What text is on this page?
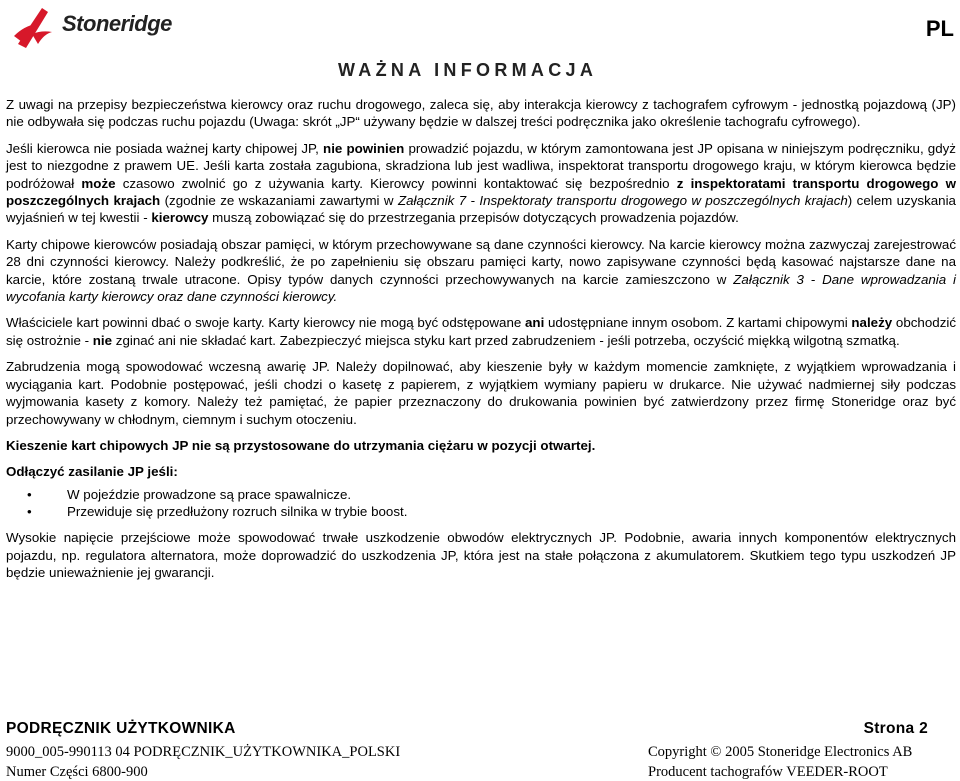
Stoneridge	PL
WAŻNA INFORMACJA

Z uwagi na przepisy bezpieczeństwa kierowcy oraz ruchu drogowego, zaleca się, aby interakcja kierowcy z tachografem cyfrowym - jednostką pojazdową (JP) nie odbywała się podczas ruchu pojazdu (Uwaga: skrót „JP“ używany będzie w dalszej treści podręcznika jako określenie tachografu cyfrowego).

Jeśli kierowca nie posiada ważnej karty chipowej JP, nie powinien prowadzić pojazdu, w którym zamontowana jest JP opisana w niniejszym podręczniku, gdyż jest to niezgodne z prawem UE. Jeśli karta została zagubiona, skradziona lub jest wadliwa, inspektorat transportu drogowego kraju, w którym kierowca będzie podróżował może czasowo zwolnić go z używania karty. Kierowcy powinni kontaktować się bezpośrednio z inspektoratami transportu drogowego w poszczególnych krajach (zgodnie ze wskazaniami zawartymi w Załącznik 7 - Inspektoraty transportu drogowego w poszczególnych krajach) celem uzyskania wyjaśnień w tej kwestii - kierowcy muszą zobowiązać się do przestrzegania przepisów dotyczących prowadzenia pojazdów.

Karty chipowe kierowców posiadają obszar pamięci, w którym przechowywane są dane czynności kierowcy. Na karcie kierowcy można zazwyczaj zarejestrować 28 dni czynności kierowcy. Należy podkreślić, że po zapełnieniu się obszaru pamięci karty, nowo zapisywane czynności będą kasować najstarsze dane na karcie, które zostaną trwale utracone. Opisy typów danych czynności przechowywanych na karcie zamieszczono w Załącznik 3 - Dane wprowadzania i wycofania karty kierowcy oraz dane czynności kierowcy.

Właściciele kart powinni dbać o swoje karty. Karty kierowcy nie mogą być odstępowane ani udostępniane innym osobom. Z kartami chipowymi należy obchodzić się ostrożnie - nie zginać ani nie składać kart. Zabezpieczyć miejsca styku kart przed zabrudzeniem - jeśli potrzeba, oczyścić miękką wilgotną szmatką.

Zabrudzenia mogą spowodować wczesną awarię JP. Należy dopilnować, aby kieszenie były w każdym momencie zamknięte, z wyjątkiem wprowadzania i wyciągania kart. Podobnie postępować, jeśli chodzi o kasetę z papierem, z wyjątkiem wymiany papieru w drukarce. Nie używać nadmiernej siły podczas wyjmowania kasety z komory. Należy też pamiętać, że papier przeznaczony do drukowania powinien być zatwierdzony przez firmę Stoneridge oraz być przechowywany w chłodnym, ciemnym i suchym otoczeniu.

Kieszenie kart chipowych JP nie są przystosowane do utrzymania ciężaru w pozycji otwartej.

Odłączyć zasilanie JP jeśli:

•	W pojeździe prowadzone są prace spawalnicze.
•	Przewiduje się przedłużony rozruch silnika w trybie boost.

Wysokie napięcie przejściowe może spowodować trwałe uszkodzenie obwodów elektrycznych JP. Podobnie, awaria innych komponentów elektrycznych pojazdu, np. regulatora alternatora, może doprowadzić do uszkodzenia JP, która jest na stałe połączona z akumulatorem. Skutkiem tego typu uszkodzeń JP będzie unieważnienie jej gwarancji.

PODRĘCZNIK UŻYTKOWNIKA	Strona 2
9000_005-990113 04 PODRĘCZNIK_UŻYTKOWNIKA_POLSKI	Copyright © 2005 Stoneridge Electronics AB
Numer Części 6800-900	Producent tachografów VEEDER-ROOT
